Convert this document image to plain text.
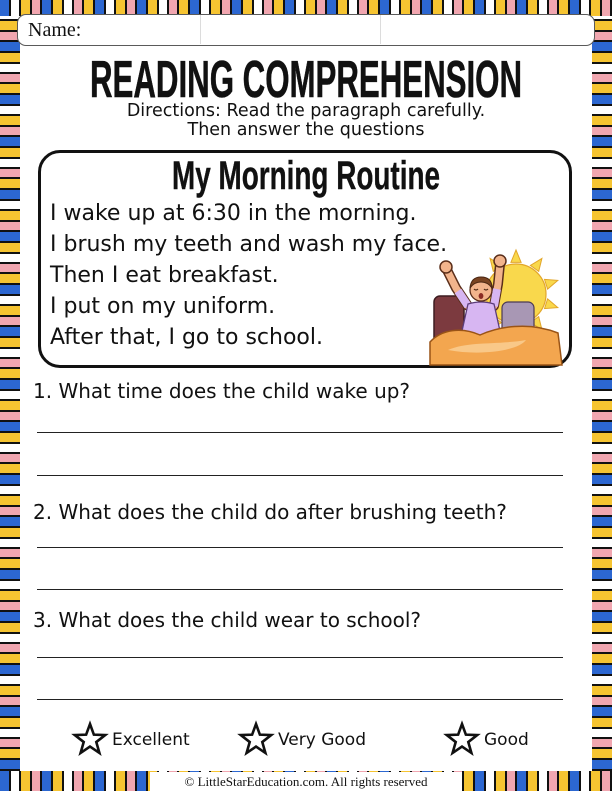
Name:
READING COMPREHENSION
Directions: Read the paragraph carefully.
Then answer the questions
My Morning Routine
I wake up at 6:30 in the morning.
I brush my teeth and wash my face.
Then I eat breakfast.
I put on my uniform.
After that, I go to school.
1. What time does the child wake up?
2. What does the child do after brushing teeth?
3. What does the child wear to school?
Excellent	Very Good	Good
© LittleStarEducation.com. All rights reserved
